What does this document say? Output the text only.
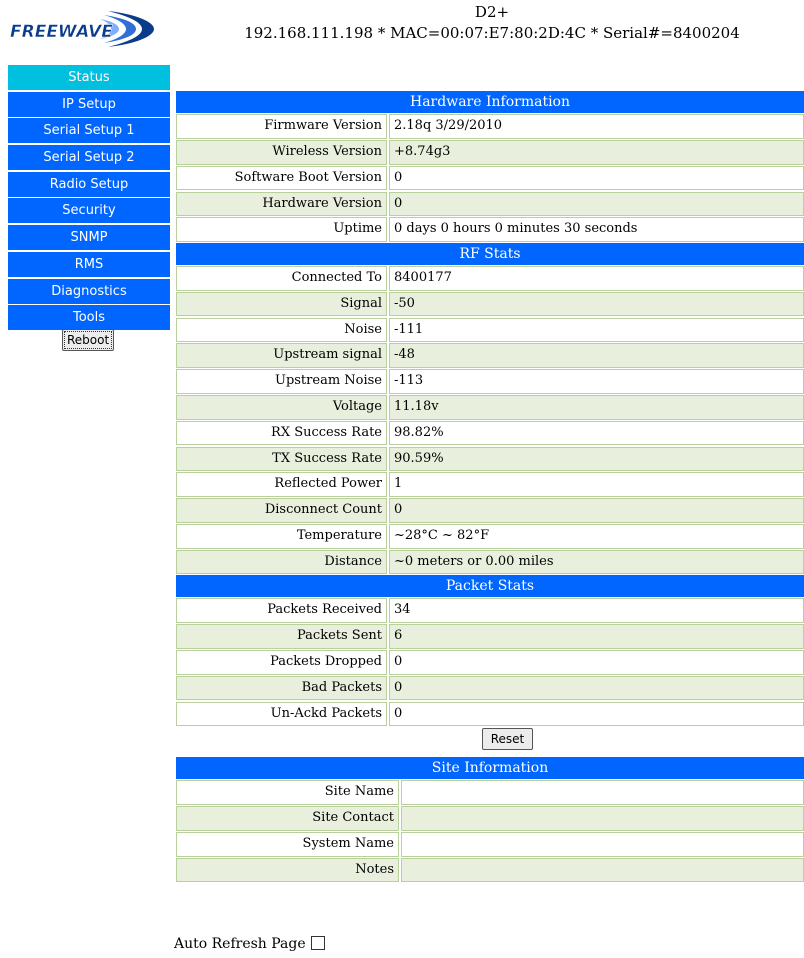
FREEWAVE
D2+
192.168.111.198 * MAC=00:07:E7:80:2D:4C * Serial#=8400204
Status
IP Setup
Serial Setup 1
Serial Setup 2
Radio Setup
Security
SNMP
RMS
Diagnostics
Tools
Reboot
Hardware Information
Firmware Version 2.18q 3/29/2010
Wireless Version +8.74g3
Software Boot Version 0
Hardware Version 0
Uptime 0 days 0 hours 0 minutes 30 seconds
RF Stats
Connected To 8400177
Signal -50
Noise -111
Upstream signal -48
Upstream Noise -113
Voltage 11.18v
RX Success Rate 98.82%
TX Success Rate 90.59%
Reflected Power 1
Disconnect Count 0
Temperature ~28°C ~ 82°F
Distance ~0 meters or 0.00 miles
Packet Stats
Packets Received 34
Packets Sent 6
Packets Dropped 0
Bad Packets 0
Un-Ackd Packets 0
Reset
Site Information
Site Name
Site Contact
System Name
Notes
Auto Refresh Page
